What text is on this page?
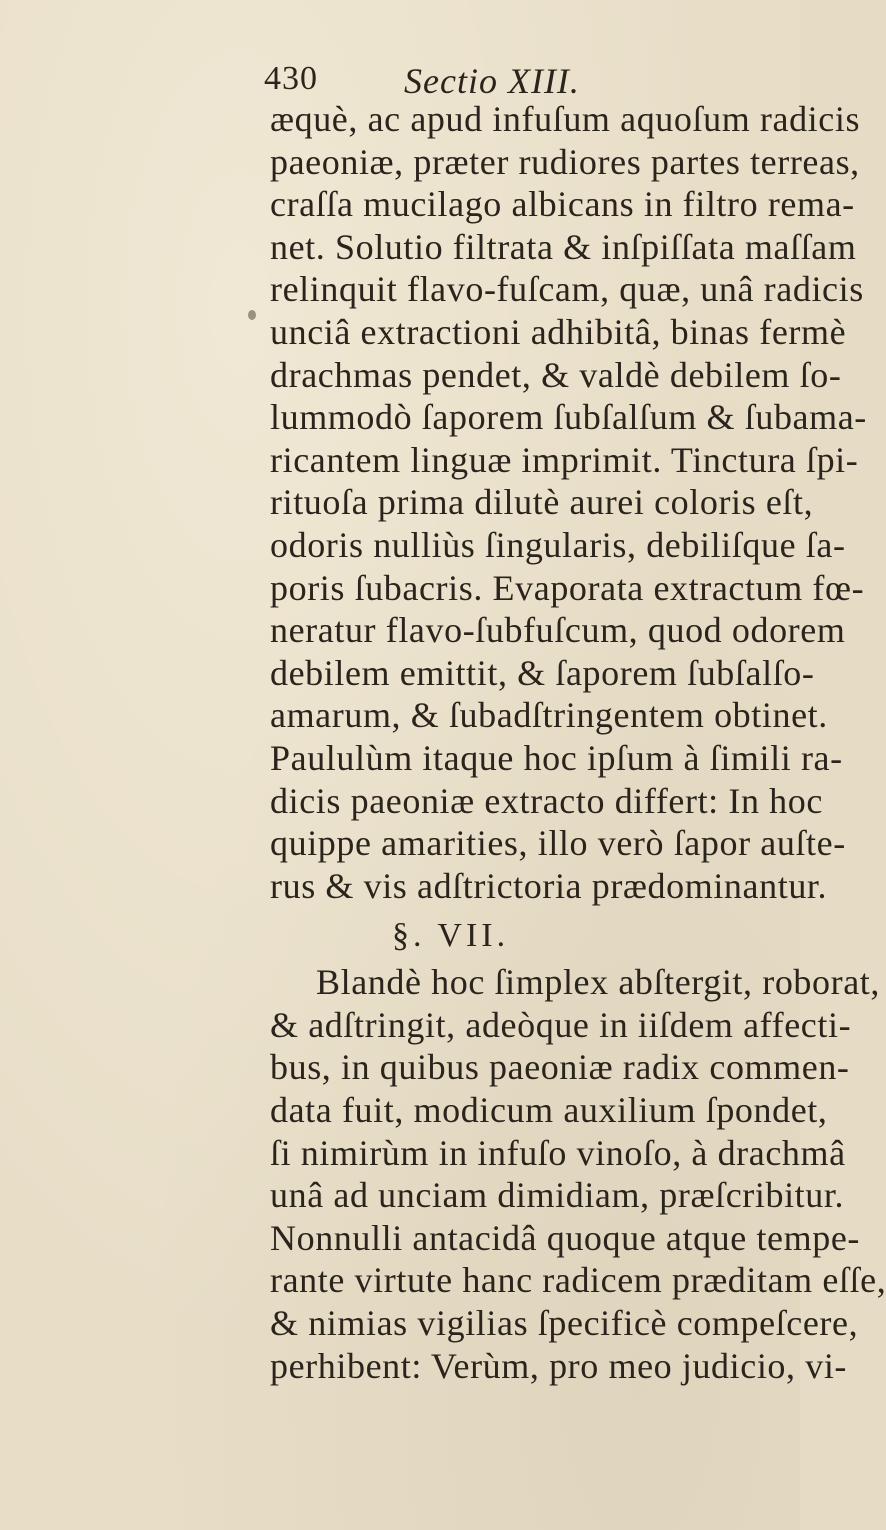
430 Sectio XIII.
æquè, ac apud infuſum aquoſum radicis
paeoniæ, præter rudiores partes terreas,
craſſa mucilago albicans in filtro rema-
net. Solutio filtrata & inſpiſſata maſſam
relinquit flavo-fuſcam, quæ, unâ radicis
unciâ extractioni adhibitâ, binas fermè
drachmas pendet, & valdè debilem ſo-
lummodò ſaporem ſubſalſum & ſubama-
ricantem linguæ imprimit. Tinctura ſpi-
rituoſa prima dilutè aurei coloris eſt,
odoris nulliùs ſingularis, debiliſque ſa-
poris ſubacris. Evaporata extractum fœ-
neratur flavo-ſubfuſcum, quod odorem
debilem emittit, & ſaporem ſubſalſo-
amarum, & ſubadſtringentem obtinet.
Paululùm itaque hoc ipſum à ſimili ra-
dicis paeoniæ extracto differt: In hoc
quippe amarities, illo verò ſapor auſte-
rus & vis adſtrictoria prædominantur.
§. VII.
Blandè hoc ſimplex abſtergit, roborat,
& adſtringit, adeòque in iiſdem affecti-
bus, in quibus paeoniæ radix commen-
data fuit, modicum auxilium ſpondet,
ſi nimirùm in infuſo vinoſo, à drachmâ
unâ ad unciam dimidiam, præſcribitur.
Nonnulli antacidâ quoque atque tempe-
rante virtute hanc radicem præditam eſſe,
& nimias vigilias ſpecificè compeſcere,
perhibent: Verùm, pro meo judicio, vi-
